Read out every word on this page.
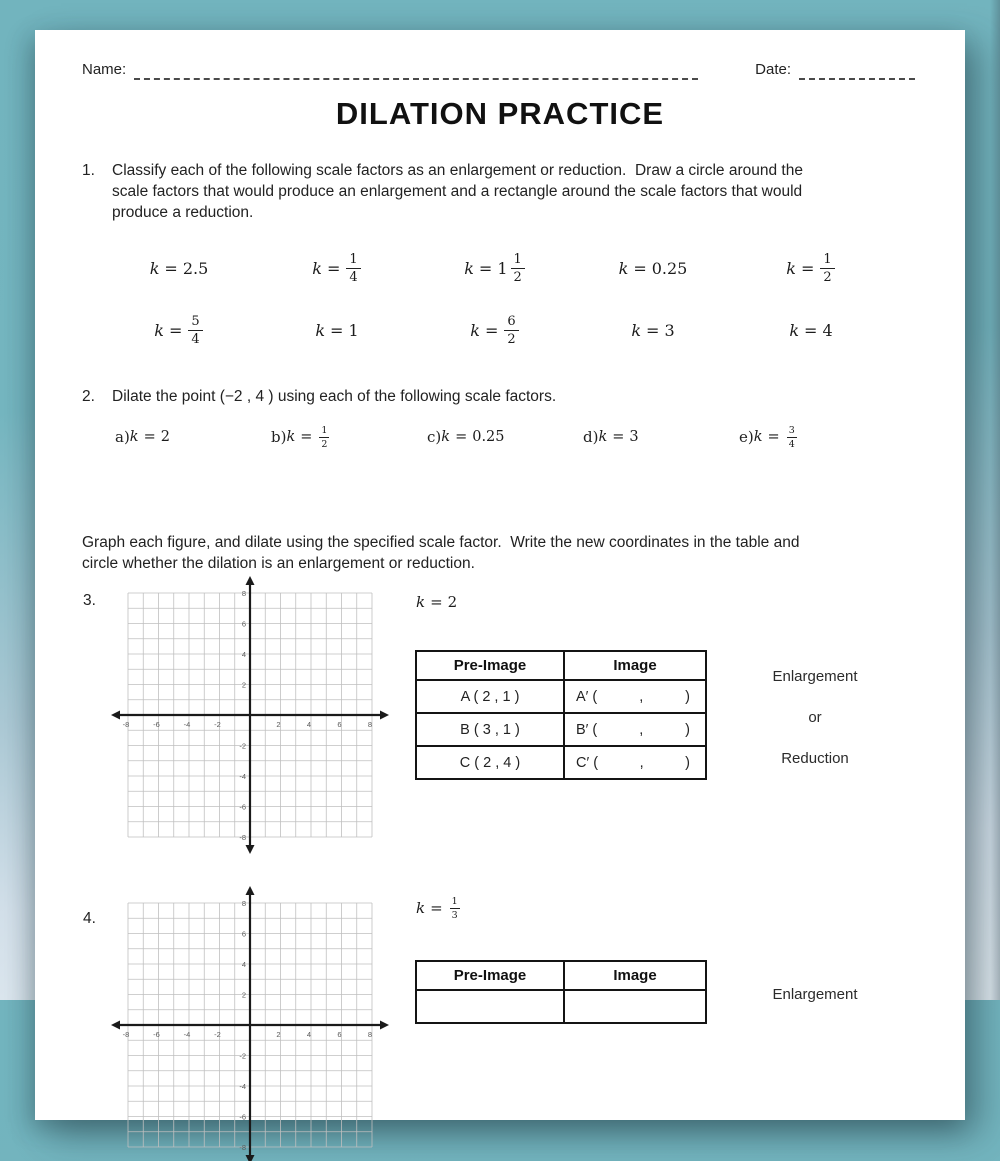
Name:	Date:
DILATION PRACTICE
1.	Classify each of the following scale factors as an enlargement or reduction.  Draw a circle around the
scale factors that would produce an enlargement and a rectangle around the scale factors that would
produce a reduction.
k = 2.5	$k = \frac{1}{4}$	$k = 1 \frac{1}{2}$	k = 0.25	$k = \frac{1}{2}$
$k = \frac{5}{4}$	k = 1	$k = \frac{6}{2}$	k = 3	k = 4
2.	Dilate the point (−2 , 4 ) using each of the following scale factors.
a) k = 2	b) $k = \frac{1}{2}$	c) k = 0.25	d) k = 3	e) $k = \frac{3}{4}$
Graph each figure, and dilate using the specified scale factor.  Write the new coordinates in the table and
circle whether the dilation is an enlargement or reduction.
3.
-8	-6	-4	-2	2	4	6	8
8
6
4
2
-2
-4
-6
-8
k = 2
Pre-Image	Image
A ( 2 , 1 )	A′ ( , )

B ( 3 , 1 )	B′ ( , )

C ( 2 , 4 )	C′ ( , )
Enlargement
or
Reduction
4.
-8	-6	-4	-2	2	4	6	8
8
6
4
2
-2
-4
-6
-8
$k = \frac{1}{3}$
Pre-Image	Image

Enlargement
